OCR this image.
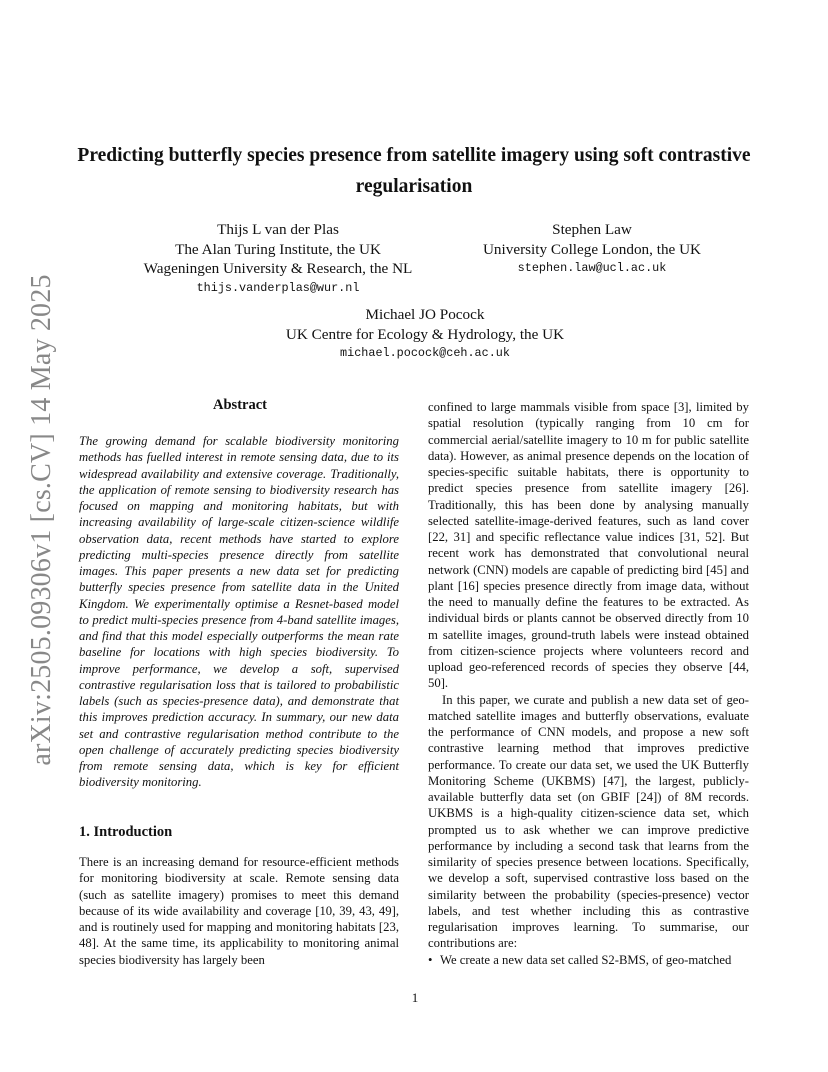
arXiv:2505.09306v1 [cs.CV] 14 May 2025
Predicting butterfly species presence from satellite imagery using soft contrastive regularisation
Thijs L van der Plas
The Alan Turing Institute, the UK
Wageningen University & Research, the NL
thijs.vanderplas@wur.nl
Stephen Law
University College London, the UK
stephen.law@ucl.ac.uk
Michael JO Pocock
UK Centre for Ecology & Hydrology, the UK
michael.pocock@ceh.ac.uk
Abstract
The growing demand for scalable biodiversity monitoring methods has fuelled interest in remote sensing data, due to its widespread availability and extensive coverage. Traditionally, the application of remote sensing to biodiversity research has focused on mapping and monitoring habitats, but with increasing availability of large-scale citizen-science wildlife observation data, recent methods have started to explore predicting multi-species presence directly from satellite images. This paper presents a new data set for predicting butterfly species presence from satellite data in the United Kingdom. We experimentally optimise a Resnet-based model to predict multi-species presence from 4-band satellite images, and find that this model especially outperforms the mean rate baseline for locations with high species biodiversity. To improve performance, we develop a soft, supervised contrastive regularisation loss that is tailored to probabilistic labels (such as species-presence data), and demonstrate that this improves prediction accuracy. In summary, our new data set and contrastive regularisation method contribute to the open challenge of accurately predicting species biodiversity from remote sensing data, which is key for efficient biodiversity monitoring.
1. Introduction
There is an increasing demand for resource-efficient methods for monitoring biodiversity at scale. Remote sensing data (such as satellite imagery) promises to meet this demand because of its wide availability and coverage [10, 39, 43, 49], and is routinely used for mapping and monitoring habitats [23, 48]. At the same time, its applicability to monitoring animal species biodiversity has largely been
confined to large mammals visible from space [3], limited by spatial resolution (typically ranging from 10 cm for commercial aerial/satellite imagery to 10 m for public satellite data). However, as animal presence depends on the location of species-specific suitable habitats, there is opportunity to predict species presence from satellite imagery [26]. Traditionally, this has been done by analysing manually selected satellite-image-derived features, such as land cover [22, 31] and specific reflectance value indices [31, 52]. But recent work has demonstrated that convolutional neural network (CNN) models are capable of predicting bird [45] and plant [16] species presence directly from image data, without the need to manually define the features to be extracted. As individual birds or plants cannot be observed directly from 10 m satellite images, ground-truth labels were instead obtained from citizen-science projects where volunteers record and upload geo-referenced records of species they observe [44, 50].
In this paper, we curate and publish a new data set of geo-matched satellite images and butterfly observations, evaluate the performance of CNN models, and propose a new soft contrastive learning method that improves predictive performance. To create our data set, we used the UK Butterfly Monitoring Scheme (UKBMS) [47], the largest, publicly-available butterfly data set (on GBIF [24]) of 8M records. UKBMS is a high-quality citizen-science data set, which prompted us to ask whether we can improve predictive performance by including a second task that learns from the similarity of species presence between locations. Specifically, we develop a soft, supervised contrastive loss based on the similarity between the probability (species-presence) vector labels, and test whether including this as contrastive regularisation improves learning. To summarise, our contributions are:
• We create a new data set called S2-BMS, of geo-matched
1
